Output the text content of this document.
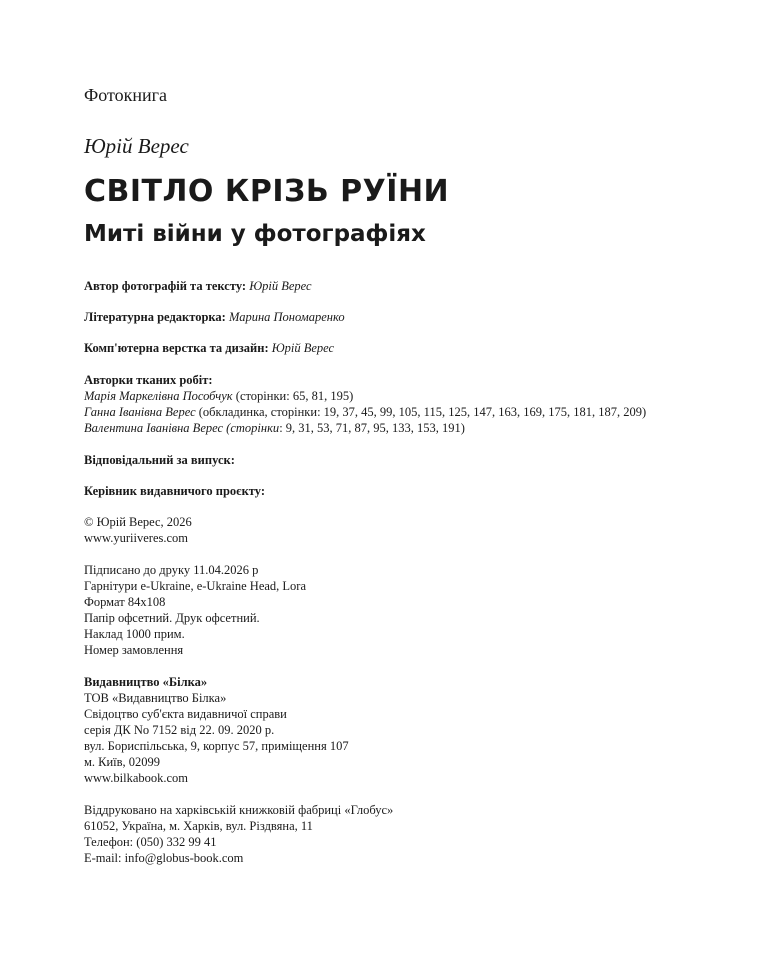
Фотокнига
Юрій Верес
СВІТЛО КРІЗЬ РУЇНИ
Миті війни у фотографіях
Автор фотографій та тексту: Юрій Верес
Літературна редакторка: Марина Пономаренко
Комп'ютерна верстка та дизайн: Юрій Верес
Авторки тканих робіт:
Марія Маркелівна Пособчук (сторінки: 65, 81, 195)
Ганна Іванівна Верес (обкладинка, сторінки: 19, 37, 45, 99, 105, 115, 125, 147, 163, 169, 175, 181, 187, 209)
Валентина Іванівна Верес (сторінки: 9, 31, 53, 71, 87, 95, 133, 153, 191)
Відповідальний за випуск:
Керівник видавничого проєкту:
© Юрій Верес, 2026
www.yuriiveres.com
Підписано до друку 11.04.2026 р
Гарнітури e-Ukraine, e-Ukraine Head, Lora
Формат 84х108
Папір офсетний. Друк офсетний.
Наклад 1000 прим.
Номер замовлення
Видавництво «Білка»
ТОВ «Видавництво Білка»
Свідоцтво суб'єкта видавничої справи
серія ДК No 7152 від 22. 09. 2020 р.
вул. Бориспільська, 9, корпус 57, приміщення 107
м. Київ, 02099
www.bilkabook.com
Віддруковано на харківській книжковій фабриці «Глобус»
61052, Україна, м. Харків, вул. Різдвяна, 11
Телефон: (050) 332 99 41
E-mail: info@globus-book.com
